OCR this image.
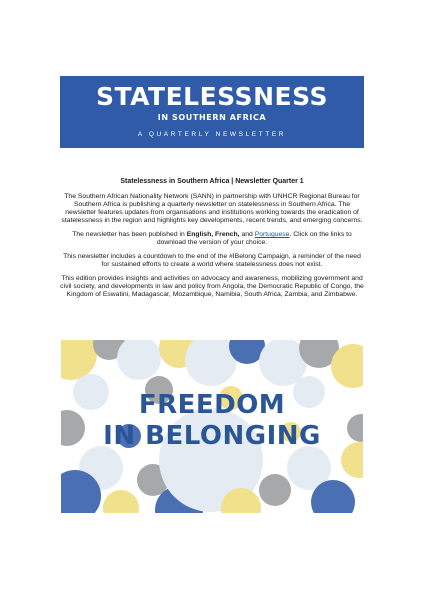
STATELESSNESS
IN SOUTHERN AFRICA
A QUARTERLY NEWSLETTER
Statelessness in Southern Africa | Newsletter Quarter 1

The Southern African Nationality Network (SANN) in partnership with UNHCR Regional Bureau for Southern Africa is publishing a quarterly newsletter on statelessness in Southern Africa. The newsletter features updates from organisations and institutions working towards the eradication of statelessness in the region and highlights key developments, recent trends, and emerging concerns.

The newsletter has been published in English, French, and Portuguese. Click on the links to download the version of your choice.

This newsletter includes a countdown to the end of the #IBelong Campaign, a reminder of the need for sustained efforts to create a world where statelessness does not exist.

This edition provides insights and activities on advocacy and awareness, mobilizing government and civil society, and developments in law and policy from Angola, the Democratic Republic of Congo, the Kingdom of Eswatini, Madagascar, Mozambique, Namibia, South Africa, Zambia, and Zimbabwe.

FREEDOM
IN BELONGING
